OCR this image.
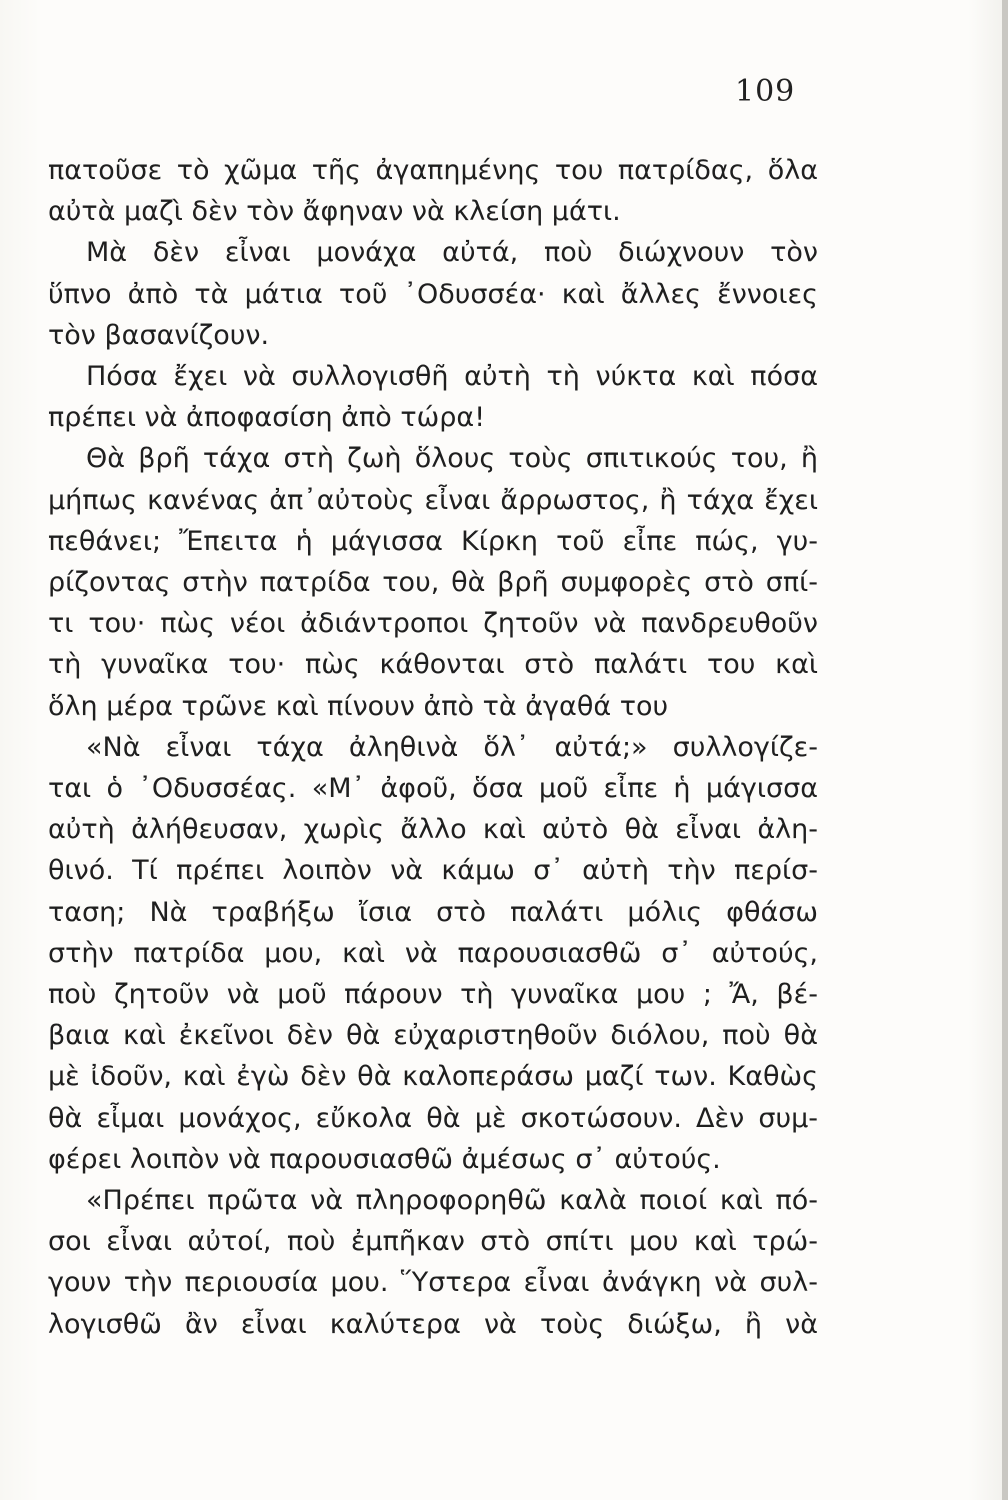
109
πατοῦσε τὸ χῶμα τῆς ἀγαπημένης του πατρίδας, ὅλα
αὐτὰ μαζὶ δὲν τὸν ἄφηναν νὰ κλείση μάτι.
Μὰ δὲν εἶναι μονάχα αὐτά, ποὺ διώχνουν τὸν
ὕπνο ἀπὸ τὰ μάτια τοῦ ᾿Οδυσσέα· καὶ ἄλλες ἔννοιες
τὸν βασανίζουν.
Πόσα ἔχει νὰ συλλογισθῆ αὐτὴ τὴ νύκτα καὶ πόσα
πρέπει νὰ ἀποφασίση ἀπὸ τώρα!
Θὰ βρῆ τάχα στὴ ζωὴ ὅλους τοὺς σπιτικούς του, ἢ
μήπως κανένας ἀπ᾿αὐτοὺς εἶναι ἄρρωστος, ἢ τάχα ἔχει
πεθάνει; Ἔπειτα ἡ μάγισσα Κίρκη τοῦ εἶπε πώς, γυ-
ρίζοντας στὴν πατρίδα του, θὰ βρῆ συμφορὲς στὸ σπί-
τι του· πὼς νέοι ἀδιάντροποι ζητοῦν νὰ πανδρευθοῦν
τὴ γυναῖκα του· πὼς κάθονται στὸ παλάτι του καὶ
ὅλη μέρα τρῶνε καὶ πίνουν ἀπὸ τὰ ἀγαθά του
«Νὰ εἶναι τάχα ἀληθινὰ ὅλ᾿ αὐτά;» συλλογίζε-
ται ὁ ᾿Οδυσσέας. «Μ᾿ ἀφοῦ, ὅσα μοῦ εἶπε ἡ μάγισσα
αὐτὴ ἀλήθευσαν, χωρὶς ἄλλο καὶ αὐτὸ θὰ εἶναι ἀλη-
θινό. Τί πρέπει λοιπὸν νὰ κάμω σ᾿ αὐτὴ τὴν περίσ-
ταση; Νὰ τραβήξω ἴσια στὸ παλάτι μόλις φθάσω
στὴν πατρίδα μου, καὶ νὰ παρουσιασθῶ σ᾿ αὐτούς,
ποὺ ζητοῦν νὰ μοῦ πάρουν τὴ γυναῖκα μου ; Ἄ, βέ-
βαια καὶ ἐκεῖνοι δὲν θὰ εὐχαριστηθοῦν διόλου, ποὺ θὰ
μὲ ἰδοῦν, καὶ ἐγὼ δὲν θὰ καλοπεράσω μαζί των. Καθὼς
θὰ εἶμαι μονάχος, εὔκολα θὰ μὲ σκοτώσουν. Δὲν συμ-
φέρει λοιπὸν νὰ παρουσιασθῶ ἀμέσως σ᾿ αὐτούς.
«Πρέπει πρῶτα νὰ πληροφορηθῶ καλὰ ποιοί καὶ πό-
σοι εἶναι αὐτοί, ποὺ ἐμπῆκαν στὸ σπίτι μου καὶ τρώ-
γουν τὴν περιουσία μου. Ὕστερα εἶναι ἀνάγκη νὰ συλ-
λογισθῶ ἂν εἶναι καλύτερα νὰ τοὺς διώξω, ἢ νὰ
